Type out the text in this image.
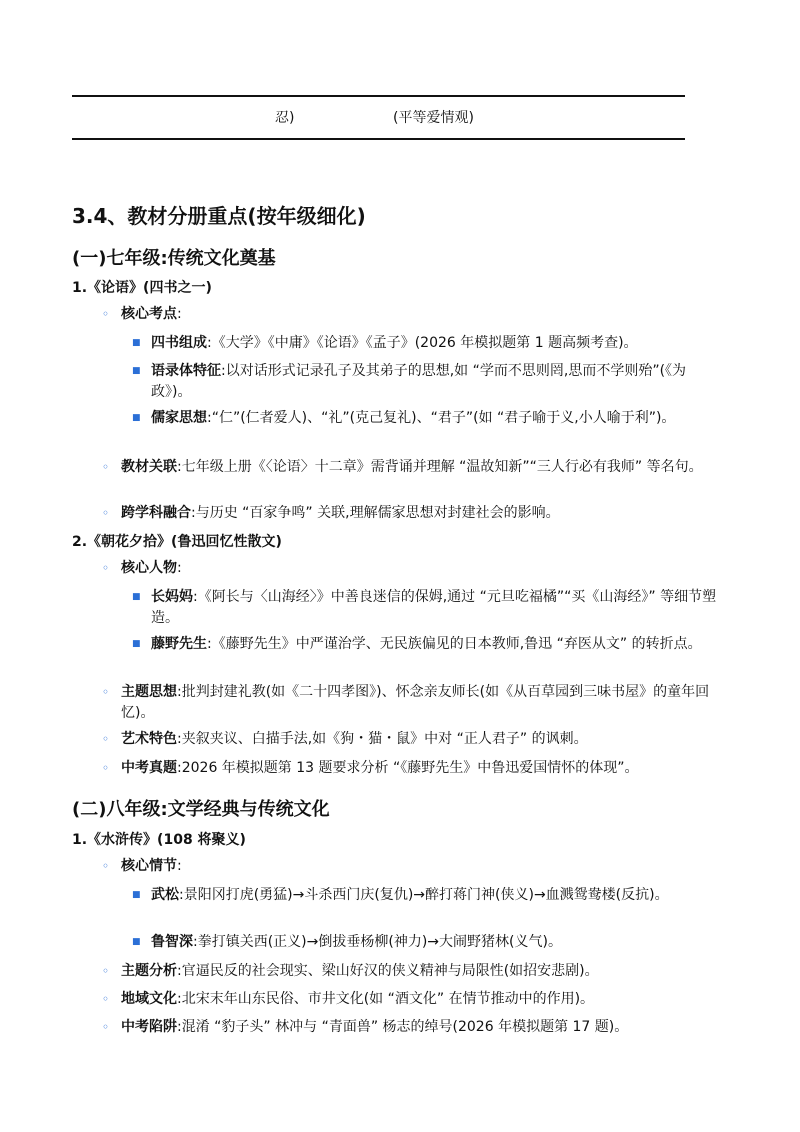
忍)	(平等爱情观)
3.4、教材分册重点(按年级细化)
(一)七年级:传统文化奠基
1.《论语》(四书之一)
◦ 核心考点:
■ 四书组成:《大学》《中庸》《论语》《孟子》(2026 年模拟题第 1 题高频考查)。
■ 语录体特征:以对话形式记录孔子及其弟子的思想,如 “学而不思则罔,思而不学则殆”(《为政》)。
■ 儒家思想:“仁”(仁者爱人)、“礼”(克己复礼)、“君子”(如 “君子喻于义,小人喻于利”)。
◦ 教材关联:七年级上册《〈论语〉十二章》需背诵并理解 “温故知新”“三人行必有我师” 等名句。
◦ 跨学科融合:与历史 “百家争鸣” 关联,理解儒家思想对封建社会的影响。
2.《朝花夕拾》(鲁迅回忆性散文)
◦ 核心人物:
■ 长妈妈:《阿长与〈山海经〉》中善良迷信的保姆,通过 “元旦吃福橘”“买《山海经》” 等细节塑造。
■ 藤野先生:《藤野先生》中严谨治学、无民族偏见的日本教师,鲁迅 “弃医从文” 的转折点。
◦ 主题思想:批判封建礼教(如《二十四孝图》)、怀念亲友师长(如《从百草园到三味书屋》的童年回忆)。
◦ 艺术特色:夹叙夹议、白描手法,如《狗・猫・鼠》中对 “正人君子” 的讽刺。
◦ 中考真题:2026 年模拟题第 13 题要求分析 “《藤野先生》中鲁迅爱国情怀的体现”。
(二)八年级:文学经典与传统文化
1.《水浒传》(108 将聚义)
◦ 核心情节:
■ 武松:景阳冈打虎(勇猛)→斗杀西门庆(复仇)→醉打蒋门神(侠义)→血溅鸳鸯楼(反抗)。
■ 鲁智深:拳打镇关西(正义)→倒拔垂杨柳(神力)→大闹野猪林(义气)。
◦ 主题分析:官逼民反的社会现实、梁山好汉的侠义精神与局限性(如招安悲剧)。
◦ 地域文化:北宋末年山东民俗、市井文化(如 “酒文化” 在情节推动中的作用)。
◦ 中考陷阱:混淆 “豹子头” 林冲与 “青面兽” 杨志的绰号(2026 年模拟题第 17 题)。
